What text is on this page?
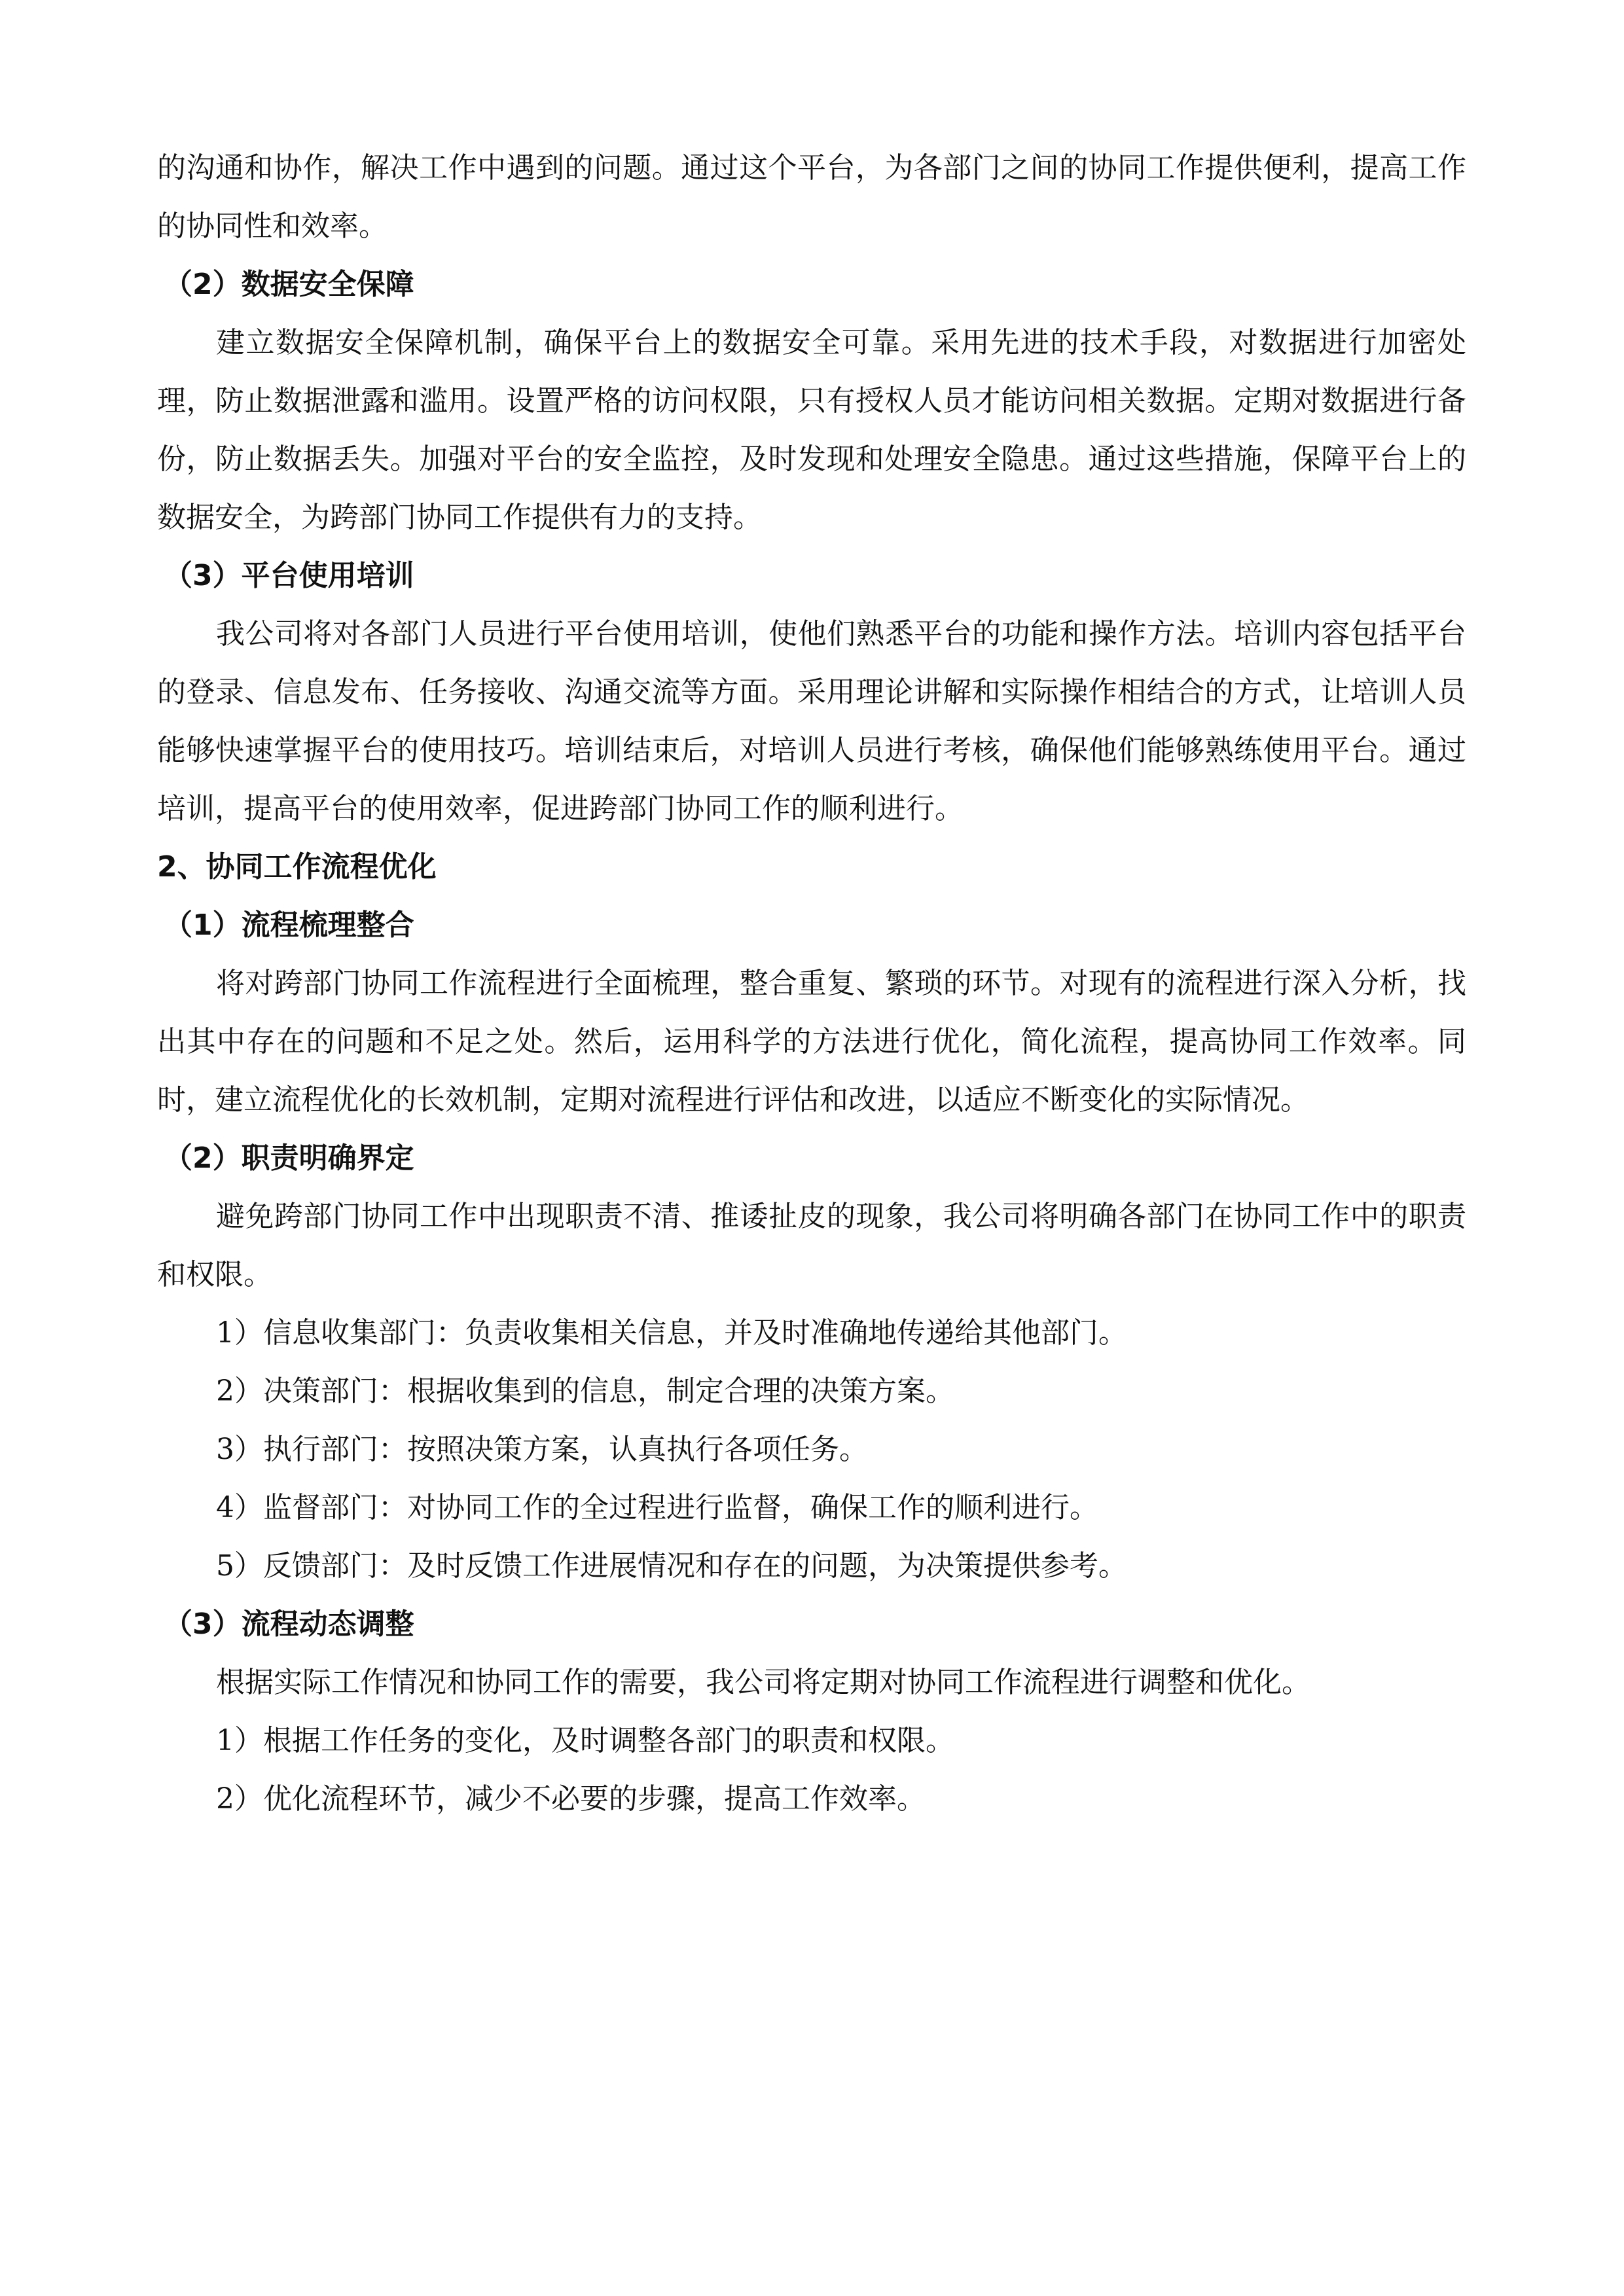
的沟通和协作，解决工作中遇到的问题。通过这个平台，为各部门之间的协同工作提供便利，提高工作的协同性和效率。

（2）数据安全保障

建立数据安全保障机制，确保平台上的数据安全可靠。采用先进的技术手段，对数据进行加密处理，防止数据泄露和滥用。设置严格的访问权限，只有授权人员才能访问相关数据。定期对数据进行备份，防止数据丢失。加强对平台的安全监控，及时发现和处理安全隐患。通过这些措施，保障平台上的数据安全，为跨部门协同工作提供有力的支持。

（3）平台使用培训

我公司将对各部门人员进行平台使用培训，使他们熟悉平台的功能和操作方法。培训内容包括平台的登录、信息发布、任务接收、沟通交流等方面。采用理论讲解和实际操作相结合的方式，让培训人员能够快速掌握平台的使用技巧。培训结束后，对培训人员进行考核，确保他们能够熟练使用平台。通过培训，提高平台的使用效率，促进跨部门协同工作的顺利进行。

2、协同工作流程优化

（1）流程梳理整合

将对跨部门协同工作流程进行全面梳理，整合重复、繁琐的环节。对现有的流程进行深入分析，找出其中存在的问题和不足之处。然后，运用科学的方法进行优化，简化流程，提高协同工作效率。同时，建立流程优化的长效机制，定期对流程进行评估和改进，以适应不断变化的实际情况。

（2）职责明确界定

避免跨部门协同工作中出现职责不清、推诿扯皮的现象，我公司将明确各部门在协同工作中的职责和权限。

1）信息收集部门：负责收集相关信息，并及时准确地传递给其他部门。

2）决策部门：根据收集到的信息，制定合理的决策方案。

3）执行部门：按照决策方案，认真执行各项任务。

4）监督部门：对协同工作的全过程进行监督，确保工作的顺利进行。

5）反馈部门：及时反馈工作进展情况和存在的问题，为决策提供参考。

（3）流程动态调整

根据实际工作情况和协同工作的需要，我公司将定期对协同工作流程进行调整和优化。

1）根据工作任务的变化，及时调整各部门的职责和权限。

2）优化流程环节，减少不必要的步骤，提高工作效率。
